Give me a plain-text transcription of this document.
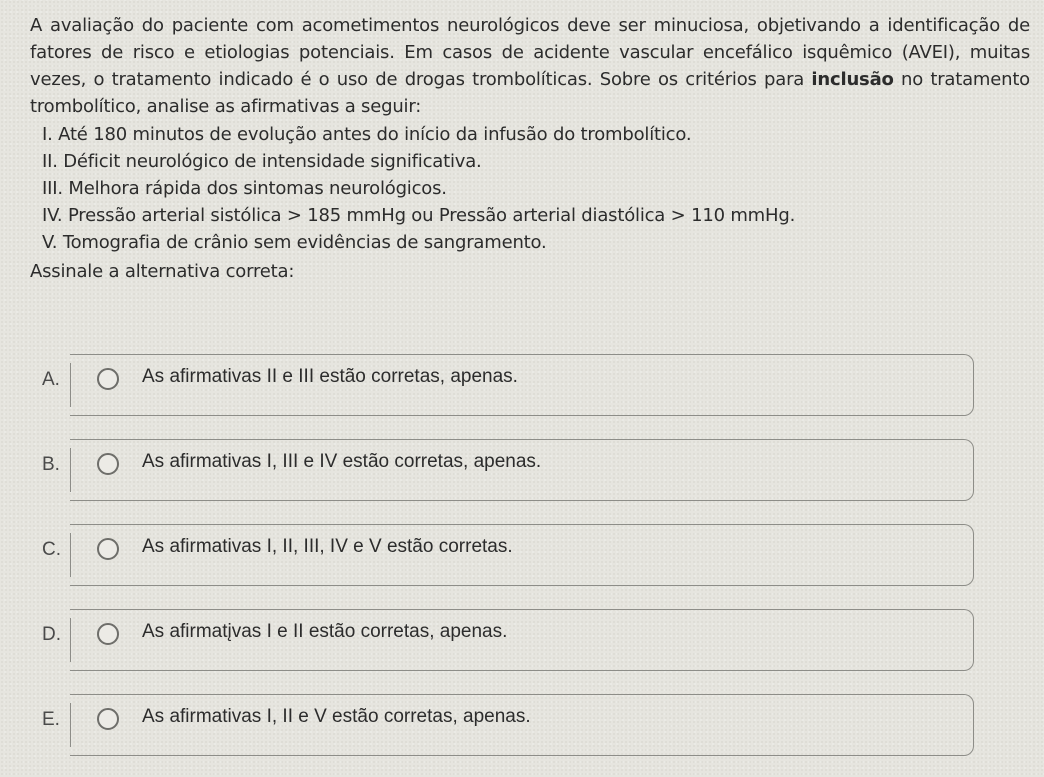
A avaliação do paciente com acometimentos neurológicos deve ser minuciosa, objetivando a identificação de fatores de risco e etiologias potenciais. Em casos de acidente vascular encefálico isquêmico (AVEI), muitas vezes, o tratamento indicado é o uso de drogas trombolíticas. Sobre os critérios para inclusão no tratamento trombolítico, analise as afirmativas a seguir:

I. Até 180 minutos de evolução antes do início da infusão do trombolítico.
II. Déficit neurológico de intensidade significativa.
III. Melhora rápida dos sintomas neurológicos.
IV. Pressão arterial sistólica > 185 mmHg ou Pressão arterial diastólica > 110 mmHg.
V. Tomografia de crânio sem evidências de sangramento.

Assinale a alternativa correta:

A.	As afirmativas II e III estão corretas, apenas.
B.	As afirmativas I, III e IV estão corretas, apenas.
C.	As afirmativas I, II, III, IV e V estão corretas.
D.	As afirmatįvas I e II estão corretas, apenas.
E.	As afirmativas I, II e V estão corretas, apenas.
